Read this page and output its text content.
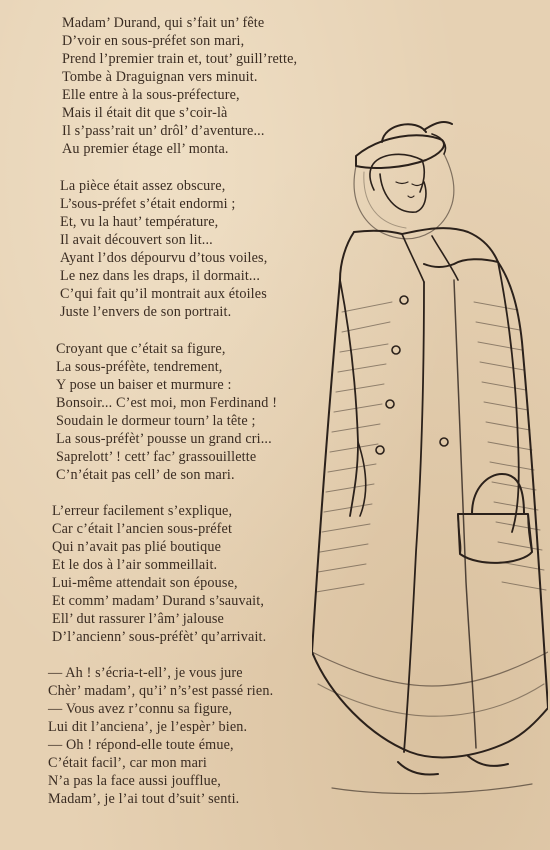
Madam’ Durand, qui s’fait un’ fête
D’voir en sous-préfet son mari,
Prend l’premier train et, tout’ guill’rette,
Tombe à Draguignan vers minuit.
Elle entre à la sous-préfecture,
Mais il était dit que s’coir-là
Il s’pass’rait un’ drôl’ d’aventure...
Au premier étage ell’ monta.
La pièce était assez obscure,
L’sous-préfet s’était endormi ;
Et, vu la haut’ température,
Il avait découvert son lit...
Ayant l’dos dépourvu d’tous voiles,
Le nez dans les draps, il dormait...
C’qui fait qu’il montrait aux étoiles
Juste l’envers de son portrait.
Croyant que c’était sa figure,
La sous-préfète, tendrement,
Y pose un baiser et murmure :
Bonsoir... C’est moi, mon Ferdinand !
Soudain le dormeur tourn’ la tête ;
La sous-préfèt’ pousse un grand cri...
Saprelott’ ! cett’ fac’ grassouillette
C’n’était pas cell’ de son mari.
L’erreur facilement s’explique,
Car c’était l’ancien sous-préfet
Qui n’avait pas plié boutique
Et le dos à l’air sommeillait.
Lui-même attendait son épouse,
Et comm’ madam’ Durand s’sauvait,
Ell’ dut rassurer l’âm’ jalouse
D’l’ancienn’ sous-préfèt’ qu’arrivait.
— Ah ! s’écria-t-ell’, je vous jure
Chèr’ madam’, qu’i’ n’s’est passé rien.
— Vous avez r’connu sa figure,
Lui dit l’anciena’, je l’espèr’ bien.
— Oh ! répond-elle toute émue,
C’était facil’, car mon mari
N’a pas la face aussi joufflue,
Madam’, je l’ai tout d’suit’ senti.
